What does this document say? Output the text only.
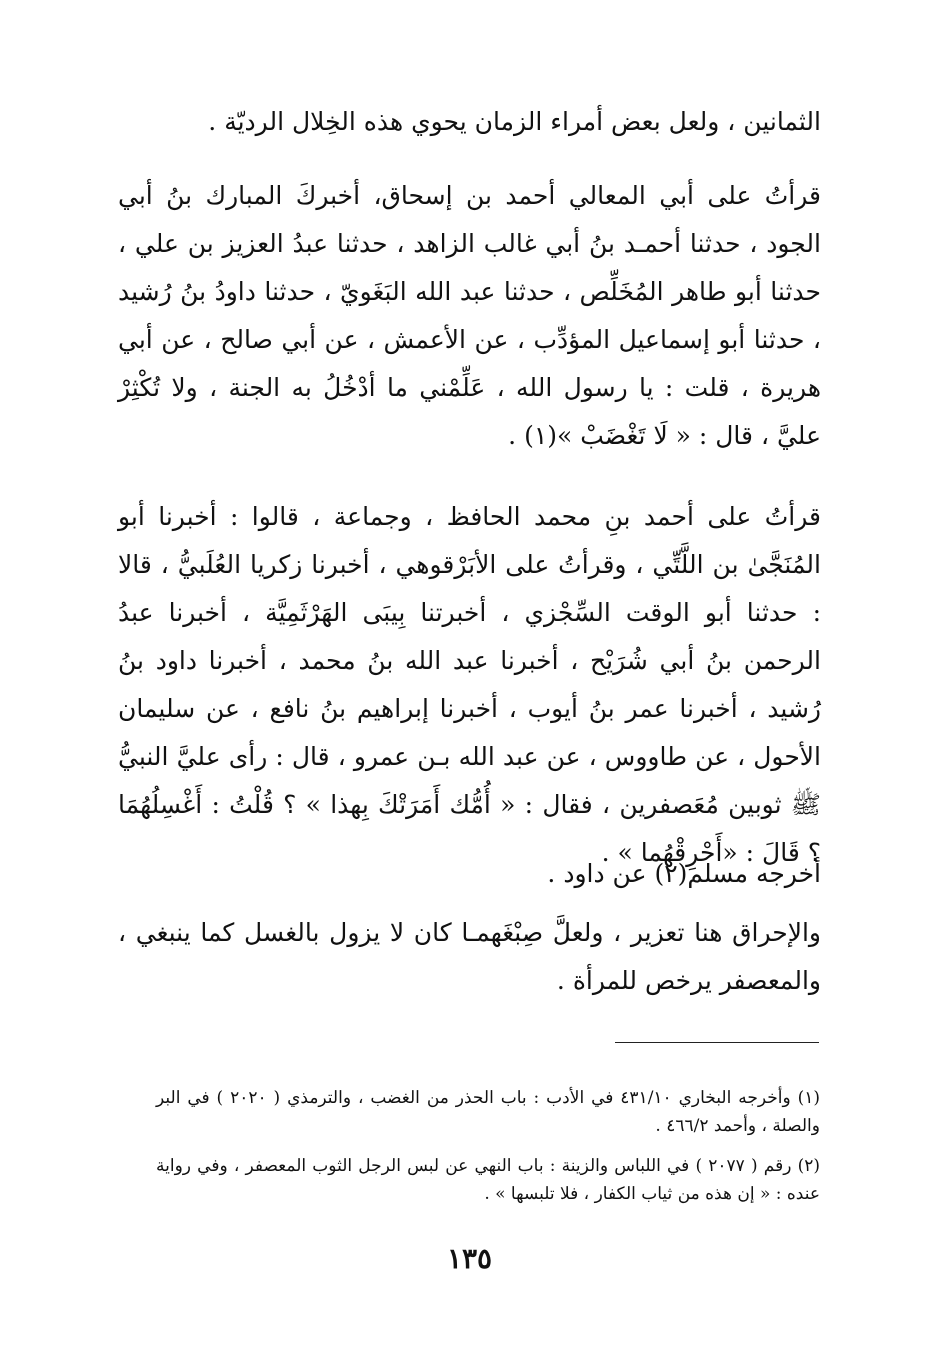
الثمانين ، ولعل بعض أمراء الزمان يحوي هذه الخِلال الرديّة .
قرأتُ على أبي المعالي أحمد بن إسحاق، أخبركَ المبارك بنُ أبي الجود ، حدثنا أحمـد بنُ أبي غالب الزاهد ، حدثنا عبدُ العزيز بن علي ، حدثنا أبو طاهر المُخَلِّص ، حدثنا عبد الله البَغَويّ ، حدثنا داودُ بنُ رُشيد ، حدثنا أبو إسماعيل المؤدِّب ، عن الأعمش ، عن أبي صالح ، عن أبي هريرة ، قلت : يا رسول الله ، عَلِّمْني ما أدْخُلُ به الجنة ، ولا تُكْثِرْ عليَّ ، قال : « لَا تَغْضَبْ »(١) .
قرأتُ على أحمد بنِ محمد الحافظ ، وجماعة ، قالوا : أخبرنا أبو المُنَجَّىٰ بن اللَّتِّي ، وقرأتُ على الأبَرْقوهي ، أخبرنا زكريا العُلَبيُّ ، قالا : حدثنا أبو الوقت السِّجْزي ، أخبرتنا بِيبَى الهَرْثَمِيَّة ، أخبرنا عبدُ الرحمن بنُ أبي شُرَيْح ، أخبرنا عبد الله بنُ محمد ، أخبرنا داود بنُ رُشيد ، أخبرنا عمر بنُ أيوب ، أخبرنا إبراهيم بنُ نافع ، عن سليمان الأحول ، عن طاووس ، عن عبد الله بـن عمرو ، قال : رأى عليَّ النبيُّ ﷺ ثوبين مُعَصفرين ، فقال : « أُمُّك أَمَرَتْكَ بِهذا » ؟ قُلْتُ : أَغْسِلُهُمَا ؟ قَالَ : «أَحْرِقْهُما » .
أخرجه مسلم(٢) عن داود .
والإحراق هنا تعزير ، ولعلَّ صِبْغَهمـا كان لا يزول بالغسل كما ينبغي ، والمعصفر يرخص للمرأة .
(١) وأخرجه البخاري ٤٣١/١٠ في الأدب : باب الحذر من الغضب ، والترمذي ( ٢٠٢٠ ) في البر والصلة ، وأحمد ٤٦٦/٢ .
(٢) رقم ( ٢٠٧٧ ) في اللباس والزينة : باب النهي عن لبس الرجل الثوب المعصفر ، وفي رواية عنده : « إن هذه من ثياب الكفار ، فلا تلبسها » .
١٣٥
